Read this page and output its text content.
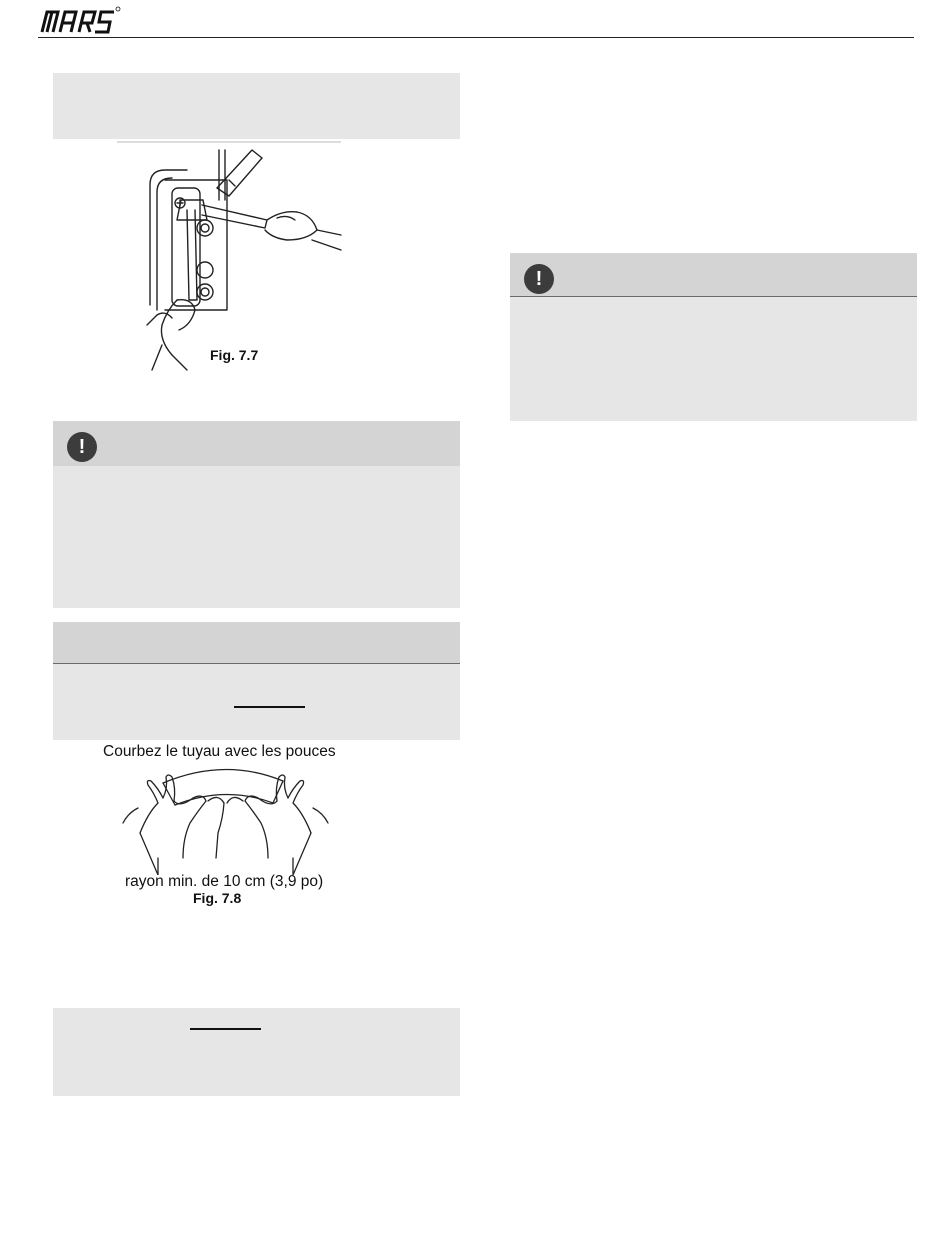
Fig. 7.7
!
Courbez le tuyau avec les pouces
rayon min. de 10 cm (3,9 po)
Fig. 7.8
!
